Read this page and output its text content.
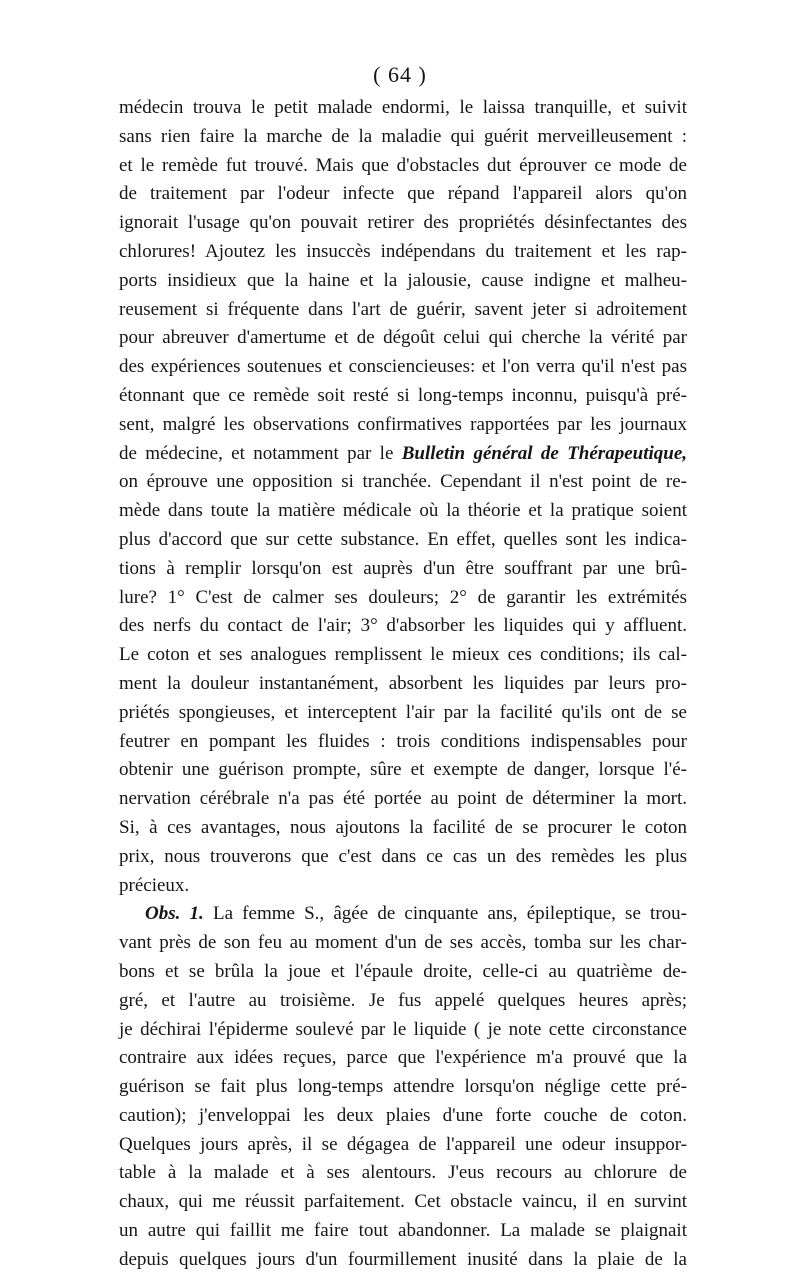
( 64 )
médecin trouva le petit malade endormi, le laissa tranquille, et suivit
sans rien faire la marche de la maladie qui guérit merveilleusement :
et le remède fut trouvé. Mais que d'obstacles dut éprouver ce mode de
de traitement par l'odeur infecte que répand l'appareil alors qu'on
ignorait l'usage qu'on pouvait retirer des propriétés désinfectantes des
chlorures! Ajoutez les insuccès indépendans du traitement et les rap-
ports insidieux que la haine et la jalousie, cause indigne et malheu-
reusement si fréquente dans l'art de guérir, savent jeter si adroitement
pour abreuver d'amertume et de dégoût celui qui cherche la vérité par
des expériences soutenues et consciencieuses: et l'on verra qu'il n'est pas
étonnant que ce remède soit resté si long-temps inconnu, puisqu'à pré-
sent, malgré les observations confirmatives rapportées par les journaux
de médecine, et notamment par le Bulletin général de Thérapeutique,
on éprouve une opposition si tranchée. Cependant il n'est point de re-
mède dans toute la matière médicale où la théorie et la pratique soient
plus d'accord que sur cette substance. En effet, quelles sont les indica-
tions à remplir lorsqu'on est auprès d'un être souffrant par une brû-
lure? 1° C'est de calmer ses douleurs; 2° de garantir les extrémités
des nerfs du contact de l'air; 3° d'absorber les liquides qui y affluent.
Le coton et ses analogues remplissent le mieux ces conditions; ils cal-
ment la douleur instantanément, absorbent les liquides par leurs pro-
priétés spongieuses, et interceptent l'air par la facilité qu'ils ont de se
feutrer en pompant les fluides : trois conditions indispensables pour
obtenir une guérison prompte, sûre et exempte de danger, lorsque l'é-
nervation cérébrale n'a pas été portée au point de déterminer la mort.
Si, à ces avantages, nous ajoutons la facilité de se procurer le coton
prix, nous trouverons que c'est dans ce cas un des remèdes les plus
précieux.
Obs. 1. La femme S., âgée de cinquante ans, épileptique, se trou-
vant près de son feu au moment d'un de ses accès, tomba sur les char-
bons et se brûla la joue et l'épaule droite, celle-ci au quatrième de-
gré, et l'autre au troisième. Je fus appelé quelques heures après;
je déchirai l'épiderme soulevé par le liquide ( je note cette circonstance
contraire aux idées reçues, parce que l'expérience m'a prouvé que la
guérison se fait plus long-temps attendre lorsqu'on néglige cette pré-
caution); j'enveloppai les deux plaies d'une forte couche de coton.
Quelques jours après, il se dégagea de l'appareil une odeur insuppor-
table à la malade et à ses alentours. J'eus recours au chlorure de
chaux, qui me réussit parfaitement. Cet obstacle vaincu, il en survint
un autre qui faillit me faire tout abandonner. La malade se plaignait
depuis quelques jours d'un fourmillement inusité dans la plaie de la
